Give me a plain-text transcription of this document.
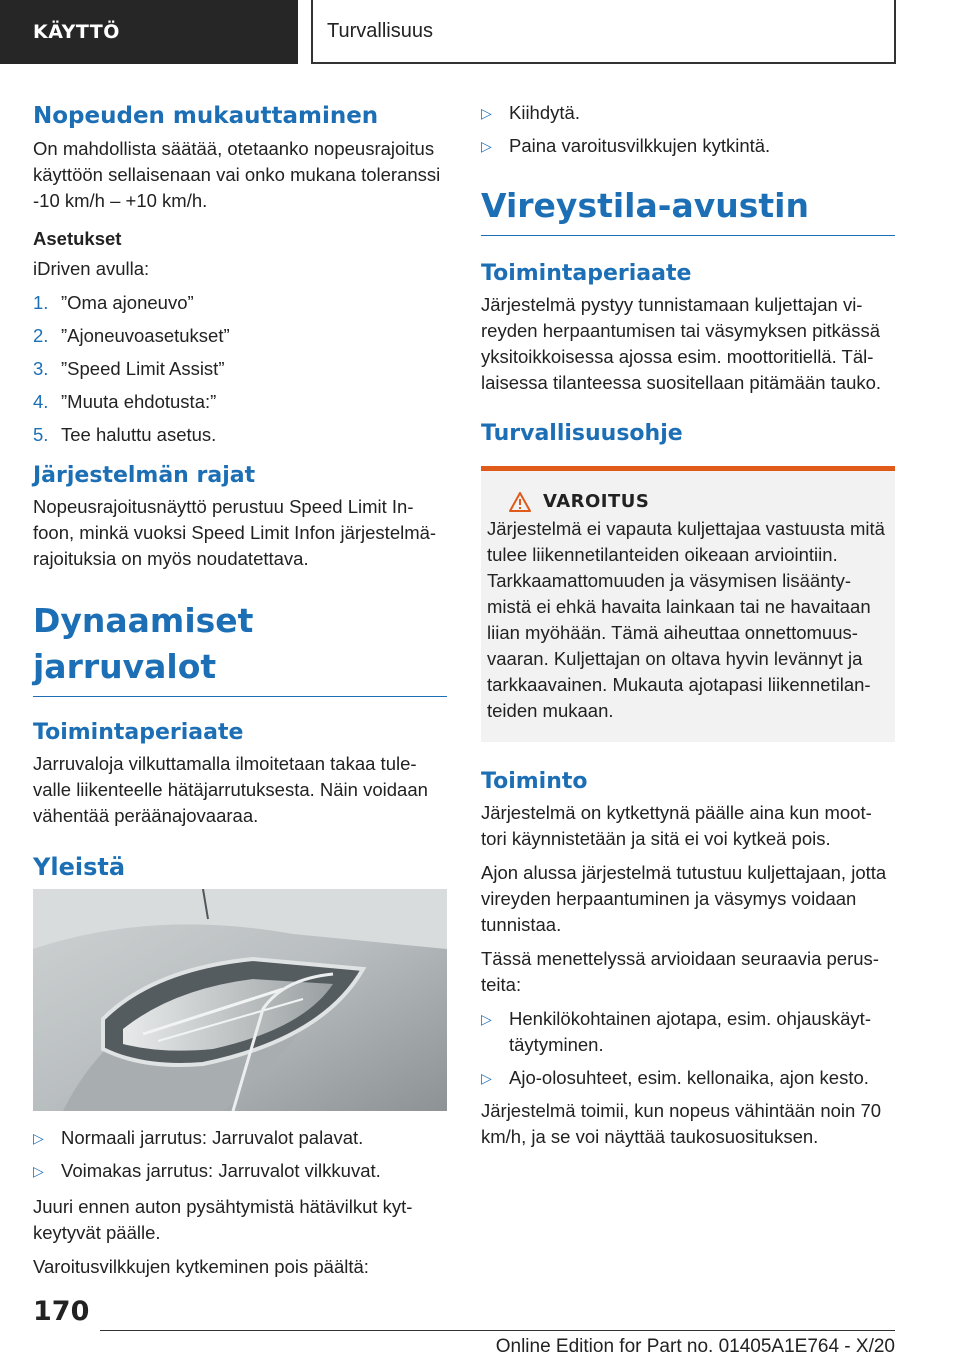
KÄYTTÖ	Turvallisuus
Nopeuden mukauttaminen

On mahdollista säätää, otetaanko nopeusrajoitus käyttöön sellaisenaan vai onko mukana toleranssi -10 km/h – +10 km/h.

Asetukset

iDriven avulla:

1. ”Oma ajoneuvo”
2. ”Ajoneuvoasetukset”
3. ”Speed Limit Assist”
4. ”Muuta ehdotusta:”
5. Tee haluttu asetus.
Järjestelmän rajat

Nopeusrajoitusnäyttö perustuu Speed Limit In-foon, minkä vuoksi Speed Limit Infon järjestelmä-rajoituksia on myös noudatettava.

Dynaamiset jarruvalot
Toimintaperiaate

Jarruvaloja vilkuttamalla ilmoitetaan takaa tule-valle liikenteelle hätäjarrutuksesta. Näin voidaan vähentää peräänajovaaraa.

Yleistä
▷ Normaali jarrutus: Jarruvalot palavat.
▷ Voimakas jarrutus: Jarruvalot vilkkuvat.

Juuri ennen auton pysähtymistä hätävilkut kyt-keytyvät päälle.

Varoitusvilkkujen kytkeminen pois päältä:

▷ Kiihdytä.
▷ Paina varoitusvilkkujen kytkintä.
Vireystila-avustin
Toimintaperiaate

Järjestelmä pystyy tunnistamaan kuljettajan vi-reyden herpaantumisen tai väsymyksen pitkässä yksitoikkoisessa ajossa esim. moottoritiellä. Täl-laisessa tilanteessa suositellaan pitämään tauko.

Turvallisuusohje
VAROITUS

Järjestelmä ei vapauta kuljettajaa vastuusta mitä tulee liikennetilanteiden oikeaan arviointiin. Tarkkaamattomuuden ja väsymisen lisäänty-mistä ei ehkä havaita lainkaan tai ne havaitaan liian myöhään. Tämä aiheuttaa onnettomuus-vaaran. Kuljettajan on oltava hyvin levännyt ja tarkkaavainen. Mukauta ajotapasi liikennetilan-teiden mukaan.

Toiminto

Järjestelmä on kytkettynä päälle aina kun moot-tori käynnistetään ja sitä ei voi kytkeä pois.

Ajon alussa järjestelmä tutustuu kuljettajaan, jotta vireyden herpaantuminen ja väsymys voidaan tunnistaa.

Tässä menettelyssä arvioidaan seuraavia perus-teita:

▷ Henkilökohtainen ajotapa, esim. ohjauskäyt-täytyminen.
▷ Ajo-olosuhteet, esim. kellonaika, ajon kesto.

Järjestelmä toimii, kun nopeus vähintään noin 70 km/h, ja se voi näyttää taukosuosituksen.

170
Online Edition for Part no. 01405A1E764 - X/20
